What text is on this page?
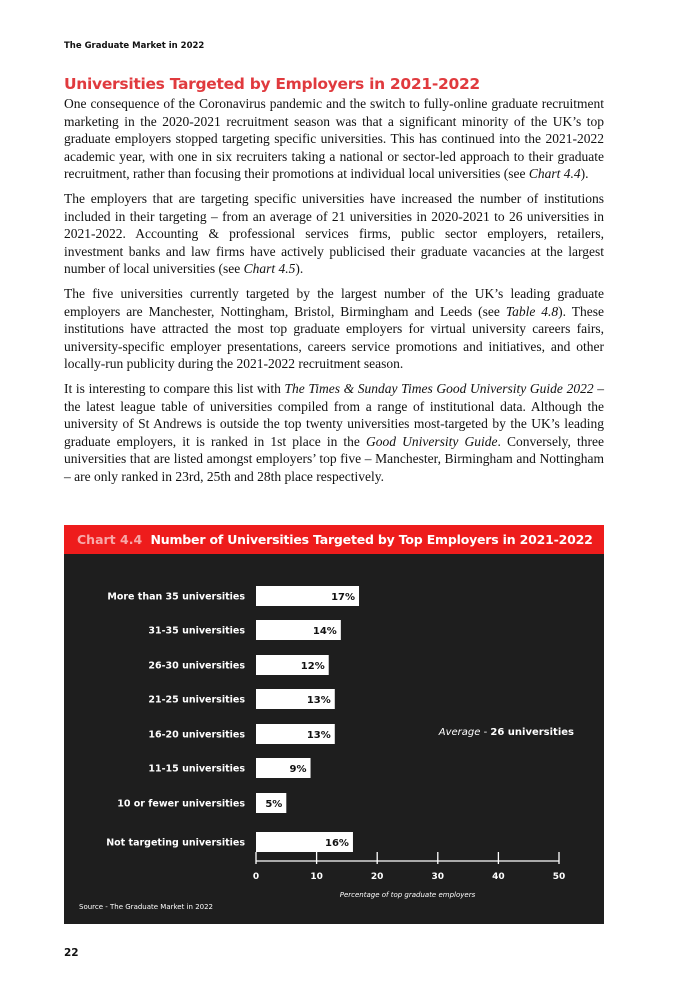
The Graduate Market in 2022
Universities Targeted by Employers in 2021-2022

One consequence of the Coronavirus pandemic and the switch to fully-online graduate recruitment marketing in the 2020-2021 recruitment season was that a significant minority of the UK’s top graduate employers stopped targeting specific universities. This has continued into the 2021-2022 academic year, with one in six recruiters taking a national or sector-led approach to their graduate recruitment, rather than focusing their promotions at individual local universities (see Chart 4.4).

The employers that are targeting specific universities have increased the number of institutions included in their targeting – from an average of 21 universities in 2020-2021 to 26 universities in 2021-2022. Accounting & professional services firms, public sector employers, retailers, investment banks and law firms have actively publicised their graduate vacancies at the largest number of local universities (see Chart 4.5).

The five universities currently targeted by the largest number of the UK’s leading graduate employers are Manchester, Nottingham, Bristol, Birmingham and Leeds (see Table 4.8). These institutions have attracted the most top graduate employers for virtual university careers fairs, university-specific employer presentations, careers service promotions and initiatives, and other locally-run publicity during the 2021-2022 recruitment season.

It is interesting to compare this list with The Times & Sunday Times Good University Guide 2022 – the latest league table of universities compiled from a range of institutional data. Although the university of St Andrews is outside the top twenty universities most-targeted by the UK’s leading graduate employers, it is ranked in 1st place in the Good University Guide. Conversely, three universities that are listed amongst employers’ top five – Manchester, Birmingham and Nottingham – are only ranked in 23rd, 25th and 28th place respectively.

Chart 4.4 Number of Universities Targeted by Top Employers in 2021-2022
More than 35 universities	17%
31-35 universities	14%
26-30 universities	12%
21-25 universities	13%
16-20 universities	13%
11-15 universities	9%
10 or fewer universities 5%
Not targeting universities	16%
0	10	20	30	40	50
Percentage of top graduate employers
Average - 26 universities
Source - The Graduate Market in 2022
22
